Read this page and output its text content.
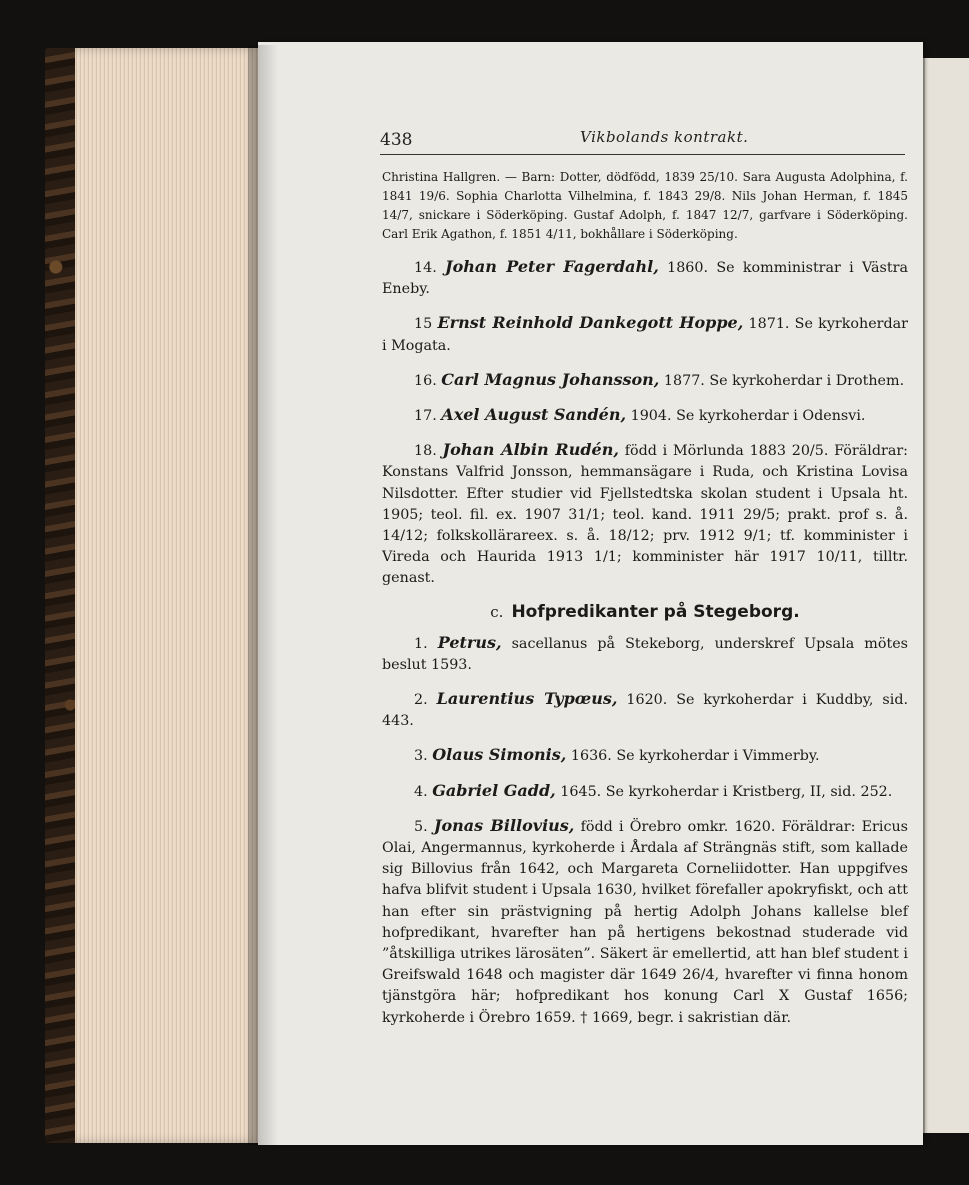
438	Vikbolands kontrakt.

Christina Hallgren. — Barn: Dotter, dödfödd, 1839 25/10. Sara Augusta Adolphina, f. 1841 19/6. Sophia Charlotta Vilhelmina, f. 1843 29/8. Nils Johan Herman, f. 1845 14/7, snickare i Söderköping. Gustaf Adolph, f. 1847 12/7, garfvare i Söderköping. Carl Erik Agathon, f. 1851 4/11, bokhållare i Söderköping.

14. Johan Peter Fagerdahl, 1860. Se komministrar i Västra Eneby.

15 Ernst Reinhold Dankegott Hoppe, 1871. Se kyrkoherdar i Mogata.

16. Carl Magnus Johansson, 1877. Se kyrkoherdar i Drothem.

17. Axel August Sandén, 1904. Se kyrkoherdar i Odensvi.

18. Johan Albin Rudén, född i Mörlunda 1883 20/5. Föräldrar: Konstans Valfrid Jonsson, hemmansägare i Ruda, och Kristina Lovisa Nilsdotter. Efter studier vid Fjellstedtska skolan student i Upsala ht. 1905; teol. fil. ex. 1907 31/1; teol. kand. 1911 29/5; prakt. prof s. å. 14/12; folkskollärareex. s. å. 18/12; prv. 1912 9/1; tf. komminister i Vireda och Haurida 1913 1/1; komminister här 1917 10/11, tilltr. genast.

c. Hofpredikanter på Stegeborg.

1. Petrus, sacellanus på Stekeborg, underskref Upsala mötes beslut 1593.

2. Laurentius Typœus, 1620. Se kyrkoherdar i Kuddby, sid. 443.

3. Olaus Simonis, 1636. Se kyrkoherdar i Vimmerby.

4. Gabriel Gadd, 1645. Se kyrkoherdar i Kristberg, II, sid. 252.

5. Jonas Billovius, född i Örebro omkr. 1620. Föräldrar: Ericus Olai, Angermannus, kyrkoherde i Årdala af Strängnäs stift, som kallade sig Billovius från 1642, och Margareta Corneliidotter. Han uppgifves hafva blifvit student i Upsala 1630, hvilket förefaller apokryfiskt, och att han efter sin prästvigning på hertig Adolph Johans kallelse blef hofpredikant, hvarefter han på hertigens bekostnad studerade vid ”åtskilliga utrikes lärosäten”. Säkert är emellertid, att han blef student i Greifswald 1648 och magister där 1649 26/4, hvarefter vi finna honom tjänstgöra här; hofpredikant hos konung Carl X Gustaf 1656; kyrkoherde i Örebro 1659. † 1669, begr. i sakristian där.
